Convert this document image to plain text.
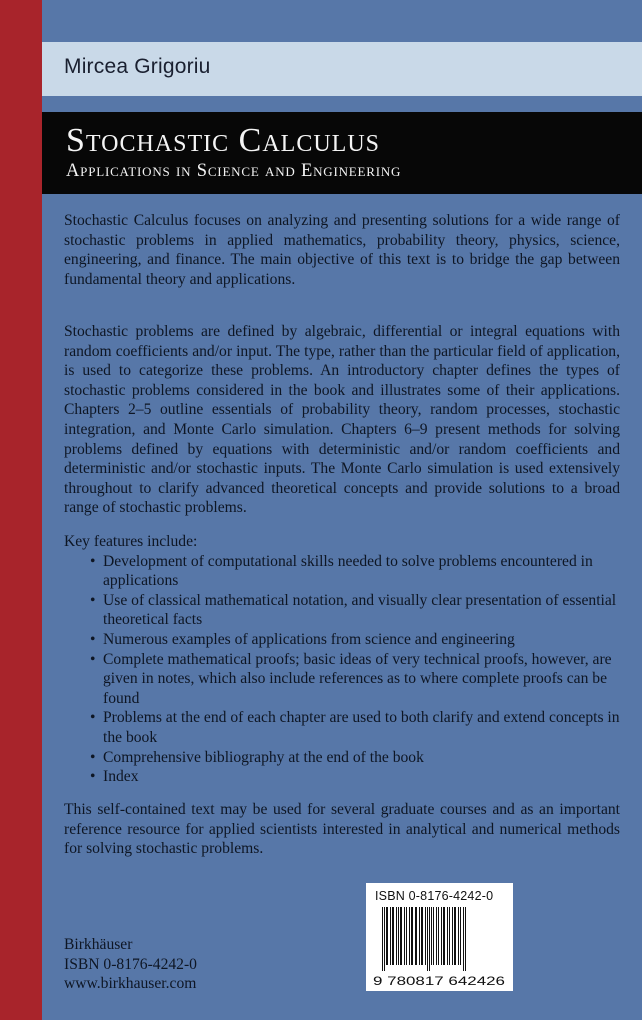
Mircea Grigoriu
Stochastic Calculus
Applications in Science and Engineering

Stochastic Calculus focuses on analyzing and presenting solutions for a wide range of stochastic problems in applied mathematics, probability theory, physics, science, engineering, and finance. The main objective of this text is to bridge the gap between fundamental theory and applications.

Stochastic problems are defined by algebraic, differential or integral equations with random coefficients and/or input. The type, rather than the particular field of application, is used to categorize these problems. An introductory chapter defines the types of stochastic problems considered in the book and illustrates some of their applications. Chapters 2–5 outline essentials of probability theory, random processes, stochastic integration, and Monte Carlo simulation. Chapters 6–9 present methods for solving problems defined by equations with deterministic and/or random coefficients and deterministic and/or stochastic inputs. The Monte Carlo simulation is used extensively throughout to clarify advanced theoretical concepts and provide solutions to a broad range of stochastic problems.

Key features include:
• Development of computational skills needed to solve problems encountered in applications
• Use of classical mathematical notation, and visually clear presentation of essential theoretical facts
• Numerous examples of applications from science and engineering
• Complete mathematical proofs; basic ideas of very technical proofs, however, are given in notes, which also include references as to where complete proofs can be found
• Problems at the end of each chapter are used to both clarify and extend concepts in the book
• Comprehensive bibliography at the end of the book
• Index

This self-contained text may be used for several graduate courses and as an important reference resource for applied scientists interested in analytical and numerical methods for solving stochastic problems.

Birkhäuser
ISBN 0-8176-4242-0
www.birkhauser.com
ISBN 0-8176-4242-0
9 780817 642426
